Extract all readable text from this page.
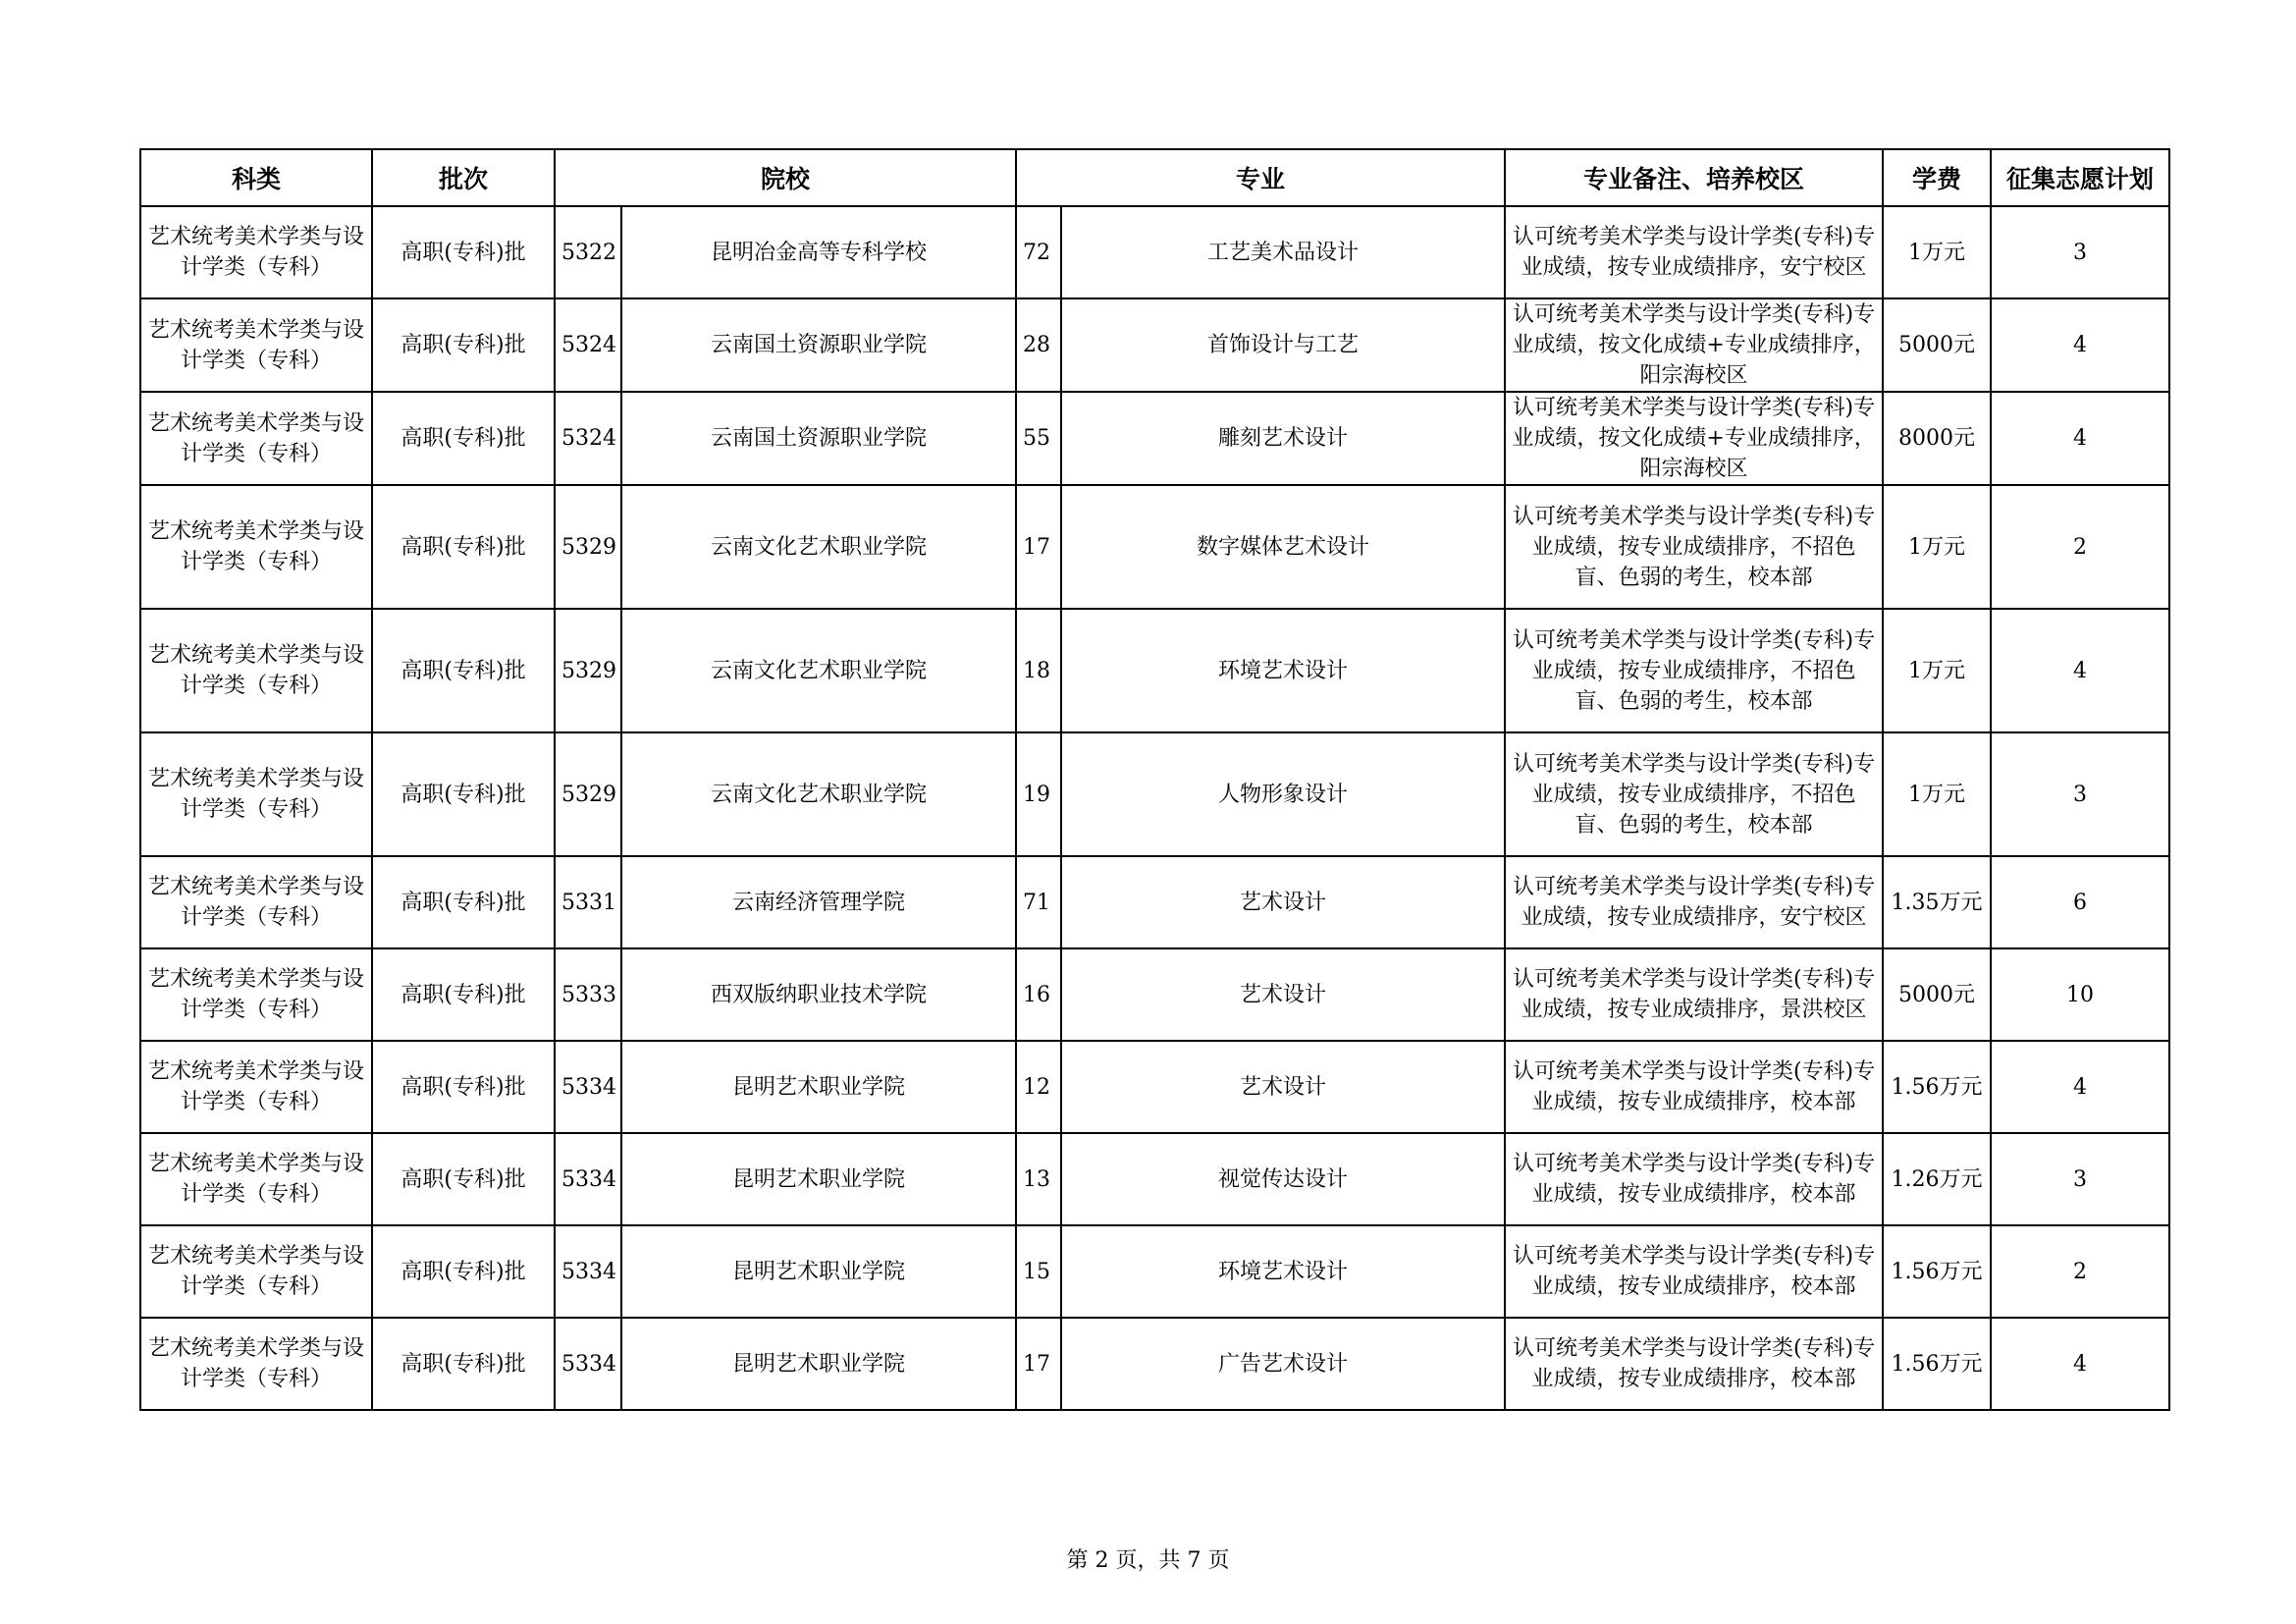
科类	批次	院校		专业		专业备注、培养校区	学费	征集志愿计划
艺术统考美术学类与设计学类（专科）	高职(专科)批	5322	昆明冶金高等专科学校	72	工艺美术品设计	认可统考美术学类与设计学类(专科)专业成绩，按专业成绩排序，安宁校区	1万元	3
艺术统考美术学类与设计学类（专科）	高职(专科)批	5324	云南国土资源职业学院	28	首饰设计与工艺	认可统考美术学类与设计学类(专科)专业成绩，按文化成绩+专业成绩排序，阳宗海校区	5000元	4
艺术统考美术学类与设计学类（专科）	高职(专科)批	5324	云南国土资源职业学院	55	雕刻艺术设计	认可统考美术学类与设计学类(专科)专业成绩，按文化成绩+专业成绩排序，阳宗海校区	8000元	4
艺术统考美术学类与设计学类（专科）	高职(专科)批	5329	云南文化艺术职业学院	17	数字媒体艺术设计	认可统考美术学类与设计学类(专科)专业成绩，按专业成绩排序，不招色盲、色弱的考生，校本部	1万元	2
艺术统考美术学类与设计学类（专科）	高职(专科)批	5329	云南文化艺术职业学院	18	环境艺术设计	认可统考美术学类与设计学类(专科)专业成绩，按专业成绩排序，不招色盲、色弱的考生，校本部	1万元	4
艺术统考美术学类与设计学类（专科）	高职(专科)批	5329	云南文化艺术职业学院	19	人物形象设计	认可统考美术学类与设计学类(专科)专业成绩，按专业成绩排序，不招色盲、色弱的考生，校本部	1万元	3
艺术统考美术学类与设计学类（专科）	高职(专科)批	5331	云南经济管理学院	71	艺术设计	认可统考美术学类与设计学类(专科)专业成绩，按专业成绩排序，安宁校区	1.35万元	6
艺术统考美术学类与设计学类（专科）	高职(专科)批	5333	西双版纳职业技术学院	16	艺术设计	认可统考美术学类与设计学类(专科)专业成绩，按专业成绩排序，景洪校区	5000元	10
艺术统考美术学类与设计学类（专科）	高职(专科)批	5334	昆明艺术职业学院	12	艺术设计	认可统考美术学类与设计学类(专科)专业成绩，按专业成绩排序，校本部	1.56万元	4
艺术统考美术学类与设计学类（专科）	高职(专科)批	5334	昆明艺术职业学院	13	视觉传达设计	认可统考美术学类与设计学类(专科)专业成绩，按专业成绩排序，校本部	1.26万元	3
艺术统考美术学类与设计学类（专科）	高职(专科)批	5334	昆明艺术职业学院	15	环境艺术设计	认可统考美术学类与设计学类(专科)专业成绩，按专业成绩排序，校本部	1.56万元	2
艺术统考美术学类与设计学类（专科）	高职(专科)批	5334	昆明艺术职业学院	17	广告艺术设计	认可统考美术学类与设计学类(专科)专业成绩，按专业成绩排序，校本部	1.56万元	4
第 2 页，共 7 页
